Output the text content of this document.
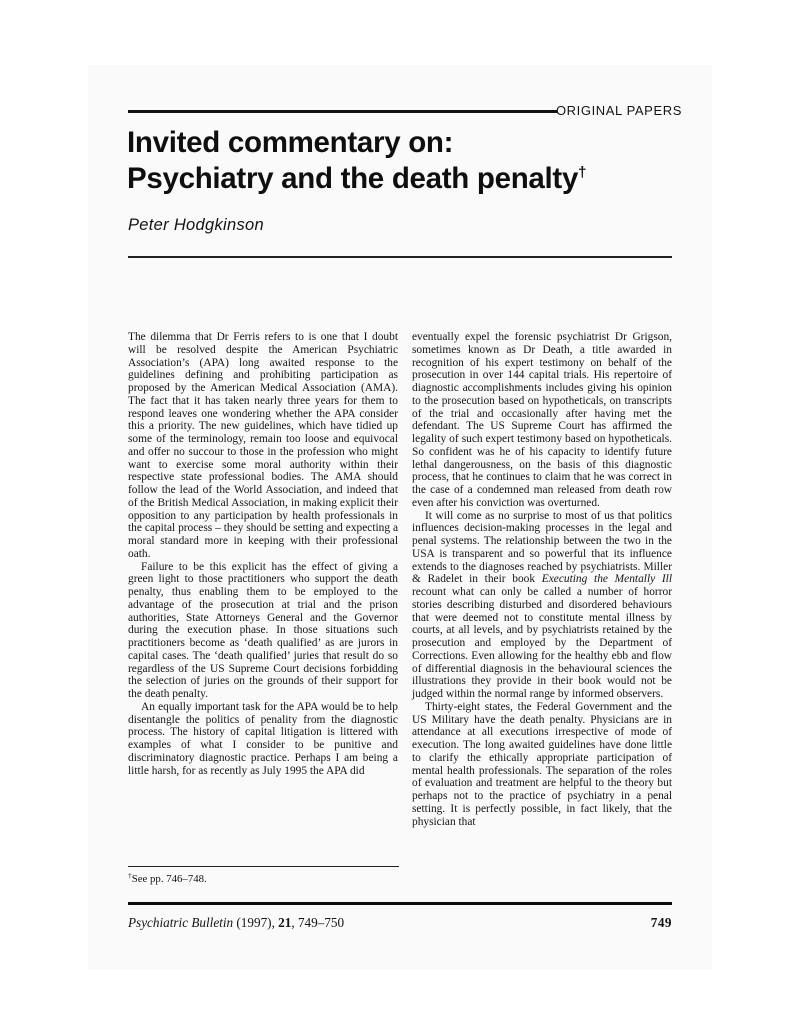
ORIGINAL PAPERS
Invited commentary on:
Psychiatry and the death penalty†
Peter Hodgkinson

The dilemma that Dr Ferris refers to is one that I doubt will be resolved despite the American Psychiatric Association’s (APA) long awaited response to the guidelines defining and prohibiting participation as proposed by the American Medical Association (AMA). The fact that it has taken nearly three years for them to respond leaves one wondering whether the APA consider this a priority. The new guidelines, which have tidied up some of the terminology, remain too loose and equivocal and offer no succour to those in the profession who might want to exercise some moral authority within their respective state professional bodies. The AMA should follow the lead of the World Association, and indeed that of the British Medical Association, in making explicit their opposition to any participation by health professionals in the capital process – they should be setting and expecting a moral standard more in keeping with their professional oath.

Failure to be this explicit has the effect of giving a green light to those practitioners who support the death penalty, thus enabling them to be employed to the advantage of the prosecution at trial and the prison authorities, State Attorneys General and the Governor during the execution phase. In those situations such practitioners become as ‘death qualified’ as are jurors in capital cases. The ‘death qualified’ juries that result do so regardless of the US Supreme Court decisions forbidding the selection of juries on the grounds of their support for the death penalty.

An equally important task for the APA would be to help disentangle the politics of penality from the diagnostic process. The history of capital litigation is littered with examples of what I consider to be punitive and discriminatory diagnostic practice. Perhaps I am being a little harsh, for as recently as July 1995 the APA did

eventually expel the forensic psychiatrist Dr Grigson, sometimes known as Dr Death, a title awarded in recognition of his expert testimony on behalf of the prosecution in over 144 capital trials. His repertoire of diagnostic accomplishments includes giving his opinion to the prosecution based on hypotheticals, on transcripts of the trial and occasionally after having met the defendant. The US Supreme Court has affirmed the legality of such expert testimony based on hypotheticals. So confident was he of his capacity to identify future lethal dangerousness, on the basis of this diagnostic process, that he continues to claim that he was correct in the case of a condemned man released from death row even after his conviction was overturned.

It will come as no surprise to most of us that politics influences decision-making processes in the legal and penal systems. The relationship between the two in the USA is transparent and so powerful that its influence extends to the diagnoses reached by psychiatrists. Miller & Radelet in their book Executing the Mentally Ill recount what can only be called a number of horror stories describing disturbed and disordered behaviours that were deemed not to constitute mental illness by courts, at all levels, and by psychiatrists retained by the prosecution and employed by the Department of Corrections. Even allowing for the healthy ebb and flow of differential diagnosis in the behavioural sciences the illustrations they provide in their book would not be judged within the normal range by informed observers.

Thirty-eight states, the Federal Government and the US Military have the death penalty. Physicians are in attendance at all executions irrespective of mode of execution. The long awaited guidelines have done little to clarify the ethically appropriate participation of mental health professionals. The separation of the roles of evaluation and treatment are helpful to the theory but perhaps not to the practice of psychiatry in a penal setting. It is perfectly possible, in fact likely, that the physician that

†See pp. 746–748.
Psychiatric Bulletin (1997), 21, 749–750	749
